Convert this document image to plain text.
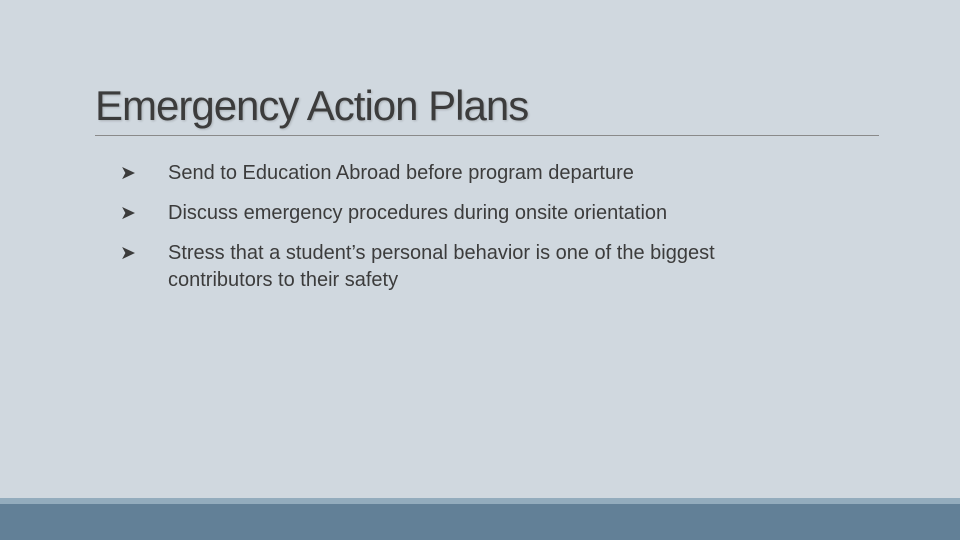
Emergency Action Plans
➤ Send to Education Abroad before program departure
➤ Discuss emergency procedures during onsite orientation
➤ Stress that a student’s personal behavior is one of the biggest contributors to their safety
